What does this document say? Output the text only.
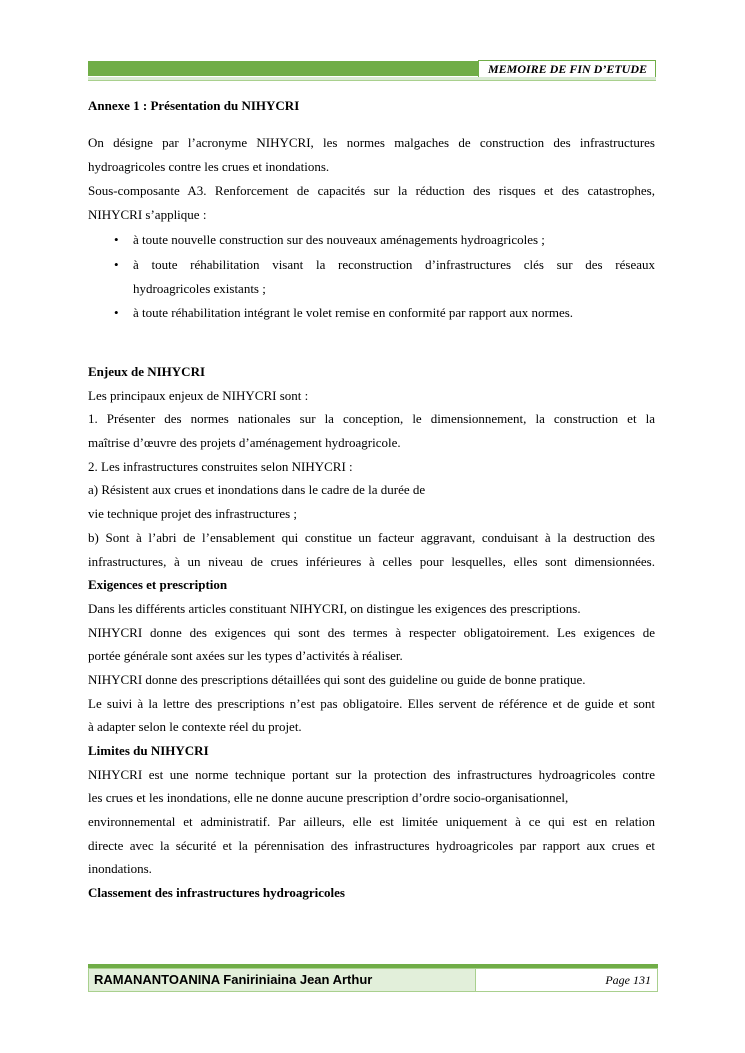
MEMOIRE DE FIN D’ETUDE
Annexe 1 : Présentation du NIHYCRI
On désigne par l’acronyme NIHYCRI, les normes malgaches de construction des infrastructures
hydroagricoles contre les crues et inondations.
Sous-composante A3. Renforcement de capacités sur la réduction des risques et des catastrophes,
NIHYCRI s’applique :
• à toute nouvelle construction sur des nouveaux aménagements hydroagricoles ;
• à toute réhabilitation visant la reconstruction d’infrastructures clés sur des réseaux
hydroagricoles existants ;
• à toute réhabilitation intégrant le volet remise en conformité par rapport aux normes.
Enjeux de NIHYCRI
Les principaux enjeux de NIHYCRI sont :
1. Présenter des normes nationales sur la conception, le dimensionnement, la construction et la
maîtrise d’œuvre des projets d’aménagement hydroagricole.
2. Les infrastructures construites selon NIHYCRI :
a) Résistent aux crues et inondations dans le cadre de la durée de
vie technique projet des infrastructures ;
b) Sont à l’abri de l’ensablement qui constitue un facteur aggravant, conduisant à la destruction des
infrastructures, à un niveau de crues inférieures à celles pour lesquelles, elles sont dimensionnées.
Exigences et prescription
Dans les différents articles constituant NIHYCRI, on distingue les exigences des prescriptions.
NIHYCRI donne des exigences qui sont des termes à respecter obligatoirement. Les exigences de
portée générale sont axées sur les types d’activités à réaliser.
NIHYCRI donne des prescriptions détaillées qui sont des guideline ou guide de bonne pratique.
Le suivi à la lettre des prescriptions n’est pas obligatoire. Elles servent de référence et de guide et sont
à adapter selon le contexte réel du projet.
Limites du NIHYCRI
NIHYCRI est une norme technique portant sur la protection des infrastructures hydroagricoles contre
les crues et les inondations, elle ne donne aucune prescription d’ordre socio-organisationnel,
environnemental et administratif. Par ailleurs, elle est limitée uniquement à ce qui est en relation
directe avec la sécurité et la pérennisation des infrastructures hydroagricoles par rapport aux crues et
inondations.
Classement des infrastructures hydroagricoles
RAMANANTOANINA Faniriniaina Jean Arthur	Page 131
